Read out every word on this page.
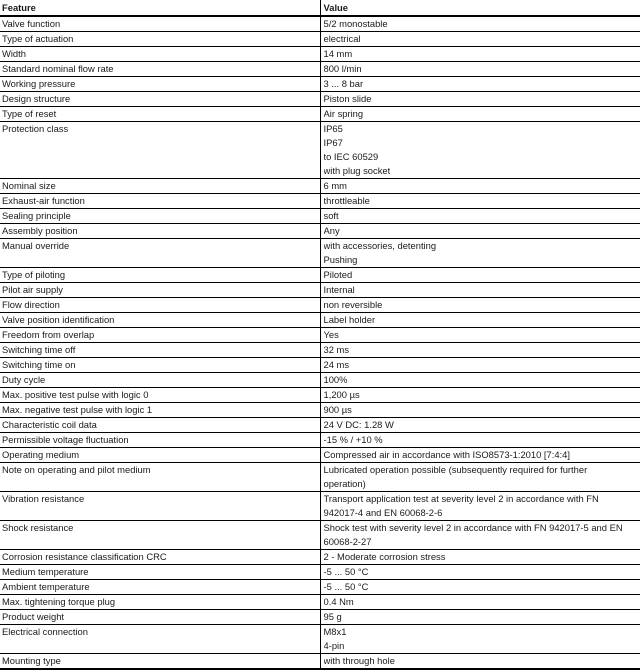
Feature	Value
Valve function	5/2 monostable

Type of actuation	electrical

Width	14 mm

Standard nominal flow rate	800 l/min

Working pressure	3 ... 8 bar

Design structure	Piston slide

Type of reset	Air spring

Protection class	IP65
IP67
to IEC 60529
with plug socket

Nominal size	6 mm

Exhaust-air function	throttleable

Sealing principle	soft

Assembly position	Any

Manual override	with accessories, detenting
Pushing

Type of piloting	Piloted

Pilot air supply	Internal

Flow direction	non reversible

Valve position identification	Label holder

Freedom from overlap	Yes

Switching time off	32 ms

Switching time on	24 ms

Duty cycle	100%

Max. positive test pulse with logic 0	1,200 µs

Max. negative test pulse with logic 1	900 µs

Characteristic coil data	24 V DC: 1.28 W

Permissible voltage fluctuation	-15 % / +10 %

Operating medium	Compressed air in accordance with ISO8573-1:2010 [7:4:4]

Note on operating and pilot medium	Lubricated operation possible (subsequently required for further
operation)

Vibration resistance	Transport application test at severity level 2 in accordance with FN
942017-4 and EN 60068-2-6

Shock resistance	Shock test with severity level 2 in accordance with FN 942017-5 and EN
60068-2-27

Corrosion resistance classification CRC	2 - Moderate corrosion stress

Medium temperature	-5 ... 50 °C

Ambient temperature	-5 ... 50 °C

Max. tightening torque plug	0.4 Nm

Product weight	95 g

Electrical connection	M8x1
4-pin

Mounting type	with through hole
